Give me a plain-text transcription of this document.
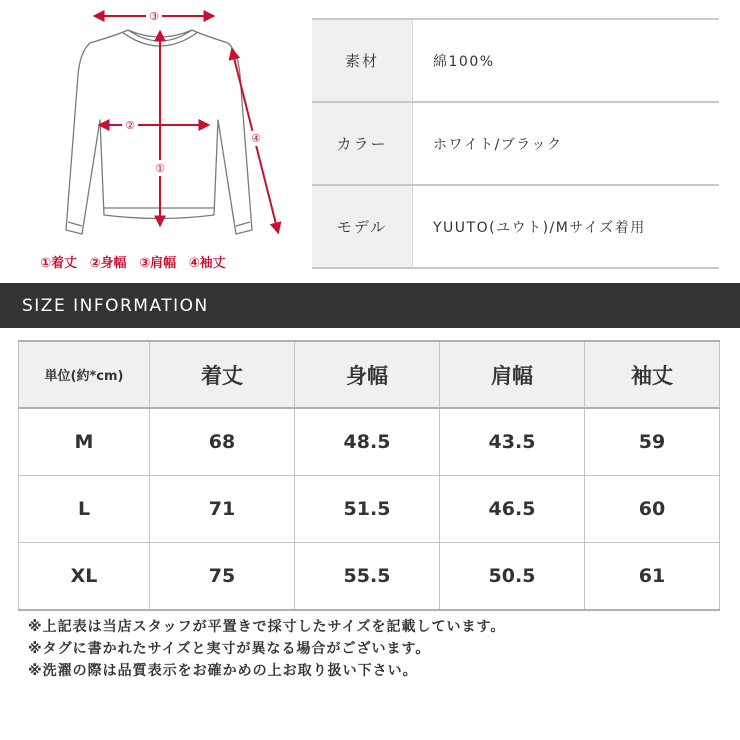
③
②
①
④
①着丈 ②身幅 ③肩幅 ④袖丈
素材	綿100%
カラー	ホワイト/ブラック
モデル	YUUTO(ユウト)/Mサイズ着用
SIZE INFORMATION
単位(約*cm)	着丈	身幅	肩幅	袖丈
M	68	48.5	43.5	59
L	71	51.5	46.5	60
XL	75	55.5	50.5	61
※上記表は当店スタッフが平置きで採寸したサイズを記載しています。
※タグに書かれたサイズと実寸が異なる場合がございます。
※洗濯の際は品質表示をお確かめの上お取り扱い下さい。
